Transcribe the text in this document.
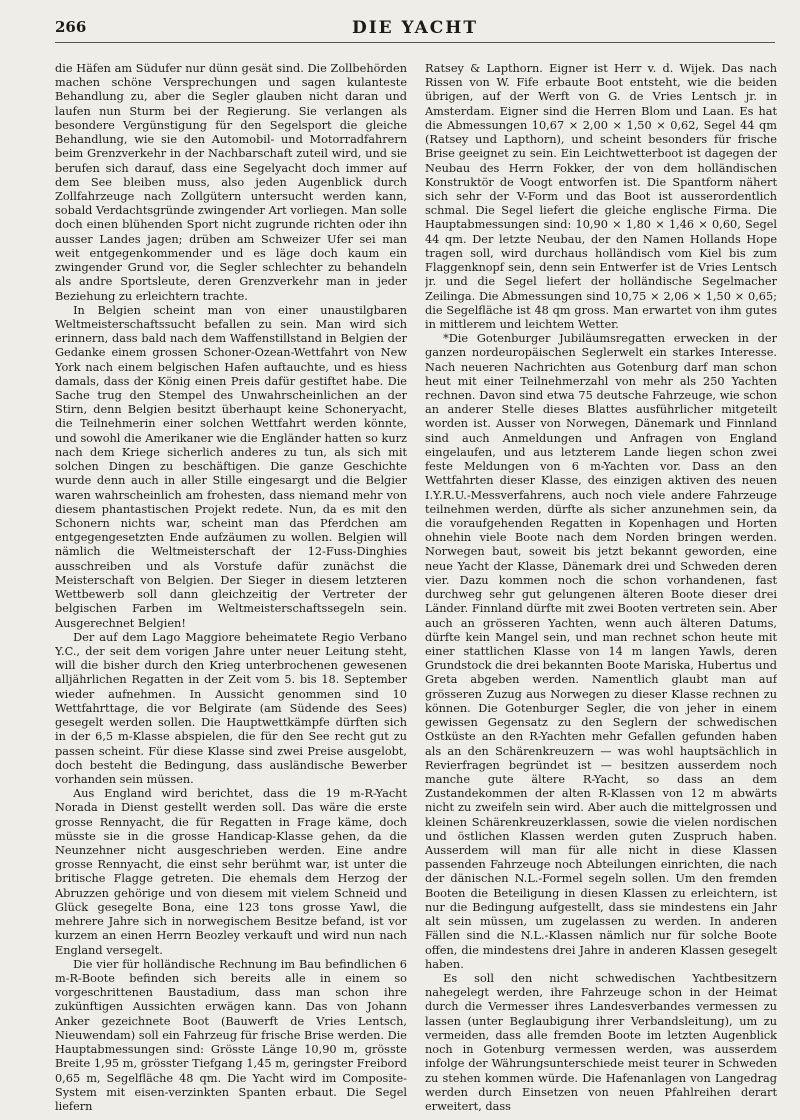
266	DIE YACHT

die Häfen am Südufer nur dünn gesät sind. Die Zollbehörden machen schöne Versprechungen und sagen kulanteste Behandlung zu, aber die Segler glauben nicht daran und laufen nun Sturm bei der Regierung. Sie verlangen als besondere Vergünstigung für den Segelsport die gleiche Behandlung, wie sie den Automobil- und Motorradfahrern beim Grenzverkehr in der Nachbarschaft zuteil wird, und sie berufen sich darauf, dass eine Segelyacht doch immer auf dem See bleiben muss, also jeden Augenblick durch Zollfahrzeuge nach Zollgütern untersucht werden kann, sobald Verdachtsgründe zwingender Art vorliegen. Man solle doch einen blühenden Sport nicht zugrunde richten oder ihn ausser Landes jagen; drüben am Schweizer Ufer sei man weit entgegenkommender und es läge doch kaum ein zwingender Grund vor, die Segler schlechter zu behandeln als andre Sportsleute, deren Grenzverkehr man in jeder Beziehung zu erleichtern trachte.

In Belgien scheint man von einer unaustilgbaren Weltmeisterschaftssucht befallen zu sein. Man wird sich erinnern, dass bald nach dem Waffenstillstand in Belgien der Gedanke einem grossen Schoner-Ozean-Wettfahrt von New York nach einem belgischen Hafen auftauchte, und es hiess damals, dass der König einen Preis dafür gestiftet habe. Die Sache trug den Stempel des Unwahrscheinlichen an der Stirn, denn Belgien besitzt überhaupt keine Schoneryacht, die Teilnehmerin einer solchen Wettfahrt werden könnte, und sowohl die Amerikaner wie die Engländer hatten so kurz nach dem Kriege sicherlich anderes zu tun, als sich mit solchen Dingen zu beschäftigen. Die ganze Geschichte wurde denn auch in aller Stille eingesargt und die Belgier waren wahrscheinlich am frohesten, dass niemand mehr von diesem phantastischen Projekt redete. Nun, da es mit den Schonern nichts war, scheint man das Pferdchen am entgegengesetzten Ende aufzäumen zu wollen. Belgien will nämlich die Weltmeisterschaft der 12-Fuss-Dinghies ausschreiben und als Vorstufe dafür zunächst die Meisterschaft von Belgien. Der Sieger in diesem letzteren Wettbewerb soll dann gleichzeitig der Vertreter der belgischen Farben im Weltmeisterschaftssegeln sein. Ausgerechnet Belgien!

Der auf dem Lago Maggiore beheimatete Regio Verbano Y.C., der seit dem vorigen Jahre unter neuer Leitung steht, will die bisher durch den Krieg unterbrochenen gewesenen alljährlichen Regatten in der Zeit vom 5. bis 18. September wieder aufnehmen. In Aussicht genommen sind 10 Wettfahrttage, die vor Belgirate (am Südende des Sees) gesegelt werden sollen. Die Hauptwettkämpfe dürften sich in der 6,5 m-Klasse abspielen, die für den See recht gut zu passen scheint. Für diese Klasse sind zwei Preise ausgelobt, doch besteht die Bedingung, dass ausländische Bewerber vorhanden sein müssen.

Aus England wird berichtet, dass die 19 m-R-Yacht Norada in Dienst gestellt werden soll. Das wäre die erste grosse Rennyacht, die für Regatten in Frage käme, doch müsste sie in die grosse Handicap-Klasse gehen, da die Neunzehner nicht ausgeschrieben werden. Eine andre grosse Rennyacht, die einst sehr berühmt war, ist unter die britische Flagge getreten. Die ehemals dem Herzog der Abruzzen gehörige und von diesem mit vielem Schneid und Glück gesegelte Bona, eine 123 tons grosse Yawl, die mehrere Jahre sich in norwegischem Besitze befand, ist vor kurzem an einen Herrn Beozley verkauft und wird nun nach England versegelt.

Die vier für holländische Rechnung im Bau befindlichen 6 m-R-Boote befinden sich bereits alle in einem so vorgeschrittenen Baustadium, dass man schon ihre zukünftigen Aussichten erwägen kann. Das von Johann Anker gezeichnete Boot (Bauwerft de Vries Lentsch, Nieuwendam) soll ein Fahrzeug für frische Brise werden. Die Hauptabmessungen sind: Grösste Länge 10,90 m, grösste Breite 1,95 m, grösster Tiefgang 1,45 m, geringster Freibord 0,65 m, Segelfläche 48 qm. Die Yacht wird im Composite-System mit eisen-verzinkten Spanten erbaut. Die Segel liefern

Ratsey & Lapthorn. Eigner ist Herr v. d. Wijek. Das nach Rissen von W. Fife erbaute Boot entsteht, wie die beiden übrigen, auf der Werft von G. de Vries Lentsch jr. in Amsterdam. Eigner sind die Herren Blom und Laan. Es hat die Abmessungen 10,67 × 2,00 × 1,50 × 0,62, Segel 44 qm (Ratsey und Lapthorn), und scheint besonders für frische Brise geeignet zu sein. Ein Leichtwetterboot ist dagegen der Neubau des Herrn Fokker, der von dem holländischen Konstruktör de Voogt entworfen ist. Die Spantform nähert sich sehr der V-Form und das Boot ist ausserordentlich schmal. Die Segel liefert die gleiche englische Firma. Die Hauptabmessungen sind: 10,90 × 1,80 × 1,46 × 0,60, Segel 44 qm. Der letzte Neubau, der den Namen Hollands Hope tragen soll, wird durchaus holländisch vom Kiel bis zum Flaggenknopf sein, denn sein Entwerfer ist de Vries Lentsch jr. und die Segel liefert der holländische Segelmacher Zeilinga. Die Abmessungen sind 10,75 × 2,06 × 1,50 × 0,65; die Segelfläche ist 48 qm gross. Man erwartet von ihm gutes in mittlerem und leichtem Wetter.

*Die Gotenburger Jubiläumsregatten erwecken in der ganzen nordeuropäischen Seglerwelt ein starkes Interesse. Nach neueren Nachrichten aus Gotenburg darf man schon heut mit einer Teilnehmerzahl von mehr als 250 Yachten rechnen. Davon sind etwa 75 deutsche Fahrzeuge, wie schon an anderer Stelle dieses Blattes ausführlicher mitgeteilt worden ist. Ausser von Norwegen, Dänemark und Finnland sind auch Anmeldungen und Anfragen von England eingelaufen, und aus letzterem Lande liegen schon zwei feste Meldungen von 6 m-Yachten vor. Dass an den Wettfahrten dieser Klasse, des einzigen aktiven des neuen I.Y.R.U.-Messverfahrens, auch noch viele andere Fahrzeuge teilnehmen werden, dürfte als sicher anzunehmen sein, da die voraufgehenden Regatten in Kopenhagen und Horten ohnehin viele Boote nach dem Norden bringen werden. Norwegen baut, soweit bis jetzt bekannt geworden, eine neue Yacht der Klasse, Dänemark drei und Schweden deren vier. Dazu kommen noch die schon vorhandenen, fast durchweg sehr gut gelungenen älteren Boote dieser drei Länder. Finnland dürfte mit zwei Booten vertreten sein. Aber auch an grösseren Yachten, wenn auch älteren Datums, dürfte kein Mangel sein, und man rechnet schon heute mit einer stattlichen Klasse von 14 m langen Yawls, deren Grundstock die drei bekannten Boote Mariska, Hubertus und Greta abgeben werden. Namentlich glaubt man auf grösseren Zuzug aus Norwegen zu dieser Klasse rechnen zu können. Die Gotenburger Segler, die von jeher in einem gewissen Gegensatz zu den Seglern der schwedischen Ostküste an den R-Yachten mehr Gefallen gefunden haben als an den Schärenkreuzern — was wohl hauptsächlich in Revierfragen begründet ist — besitzen ausserdem noch manche gute ältere R-Yacht, so dass an dem Zustandekommen der alten R-Klassen von 12 m abwärts nicht zu zweifeln sein wird. Aber auch die mittelgrossen und kleinen Schärenkreuzerklassen, sowie die vielen nordischen und östlichen Klassen werden guten Zuspruch haben. Ausserdem will man für alle nicht in diese Klassen passenden Fahrzeuge noch Abteilungen einrichten, die nach der dänischen N.L.-Formel segeln sollen. Um den fremden Booten die Beteiligung in diesen Klassen zu erleichtern, ist nur die Bedingung aufgestellt, dass sie mindestens ein Jahr alt sein müssen, um zugelassen zu werden. In anderen Fällen sind die N.L.-Klassen nämlich nur für solche Boote offen, die mindestens drei Jahre in anderen Klassen gesegelt haben.

Es soll den nicht schwedischen Yachtbesitzern nahegelegt werden, ihre Fahrzeuge schon in der Heimat durch die Vermesser ihres Landesverbandes vermessen zu lassen (unter Beglaubigung ihrer Verbandsleitung), um zu vermeiden, dass alle fremden Boote im letzten Augenblick noch in Gotenburg vermessen werden, was ausserdem infolge der Währungsunterschiede meist teurer in Schweden zu stehen kommen würde. Die Hafenanlagen von Langedrag werden durch Einsetzen von neuen Pfahlreihen derart erweitert, dass
